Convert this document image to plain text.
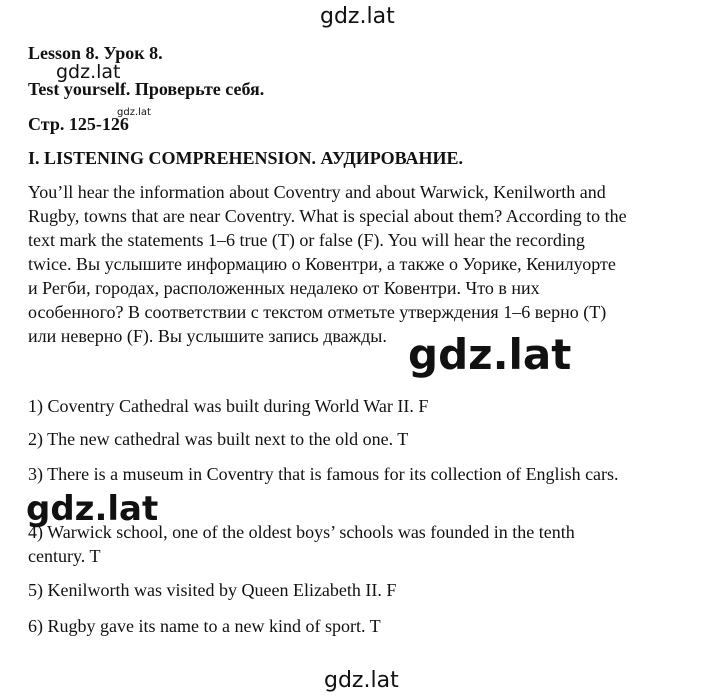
gdz.lat
Lesson 8. Урок 8.
gdz.lat
Test yourself. Проверьте себя.
gdz.lat
Стр. 125-126
I. LISTENING COMPREHENSION. АУДИРОВАНИЕ.
You’ll hear the information about Coventry and about Warwick, Kenilworth and
Rugby, towns that are near Coventry. What is special about them? According to the
text mark the statements 1–6 true (T) or false (F). You will hear the recording
twice. Вы услышите информацию о Ковентри, а также о Уорике, Кенилуорте
и Регби, городах, расположенных недалеко от Ковентри. Что в них
особенного? В соответствии с текстом отметьте утверждения 1–6 верно (T)
или неверно (F). Вы услышите запись дважды. gdz.lat
1) Coventry Cathedral was built during World War II. F
2) The new cathedral was built next to the old one. T
3) There is a museum in Coventry that is famous for its collection of English cars.
4) Warwick school, one of the oldest boys’ schools was founded in the tenth
century. T
gdz.lat
5) Kenilworth was visited by Queen Elizabeth II. F
6) Rugby gave its name to a new kind of sport. T
gdz.lat
